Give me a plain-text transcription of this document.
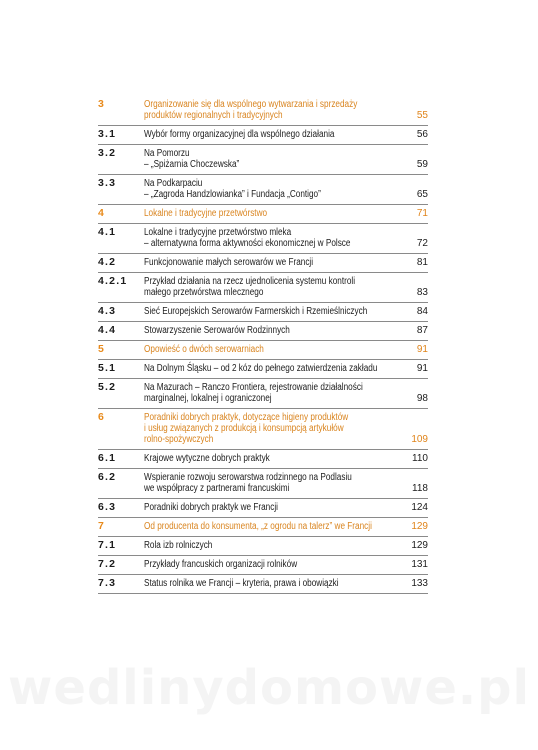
3	Organizowanie się dla wspólnego wytwarzania i sprzedaży
produktów regionalnych i tradycyjnych	55
3.1	Wybór formy organizacyjnej dla wspólnego działania	56
3.2	Na Pomorzu
– „Spiżarnia Choczewska”	59
3.3	Na Podkarpaciu
– „Zagroda Handzlowianka” i Fundacja „Contigo”	65
4	Lokalne i tradycyjne przetwórstwo	71
4.1	Lokalne i tradycyjne przetwórstwo mleka
– alternatywna forma aktywności ekonomicznej w Polsce	72
4.2	Funkcjonowanie małych serowarów we Francji	81
4.2.1	Przykład działania na rzecz ujednolicenia systemu kontroli
małego przetwórstwa mlecznego	83
4.3	Sieć Europejskich Serowarów Farmerskich i Rzemieślniczych	84
4.4	Stowarzyszenie Serowarów Rodzinnych	87
5	Opowieść o dwóch serowarniach	91
5.1	Na Dolnym Śląsku – od 2 kóz do pełnego zatwierdzenia zakładu	91
5.2	Na Mazurach – Ranczo Frontiera, rejestrowanie działalności
marginalnej, lokalnej i ograniczonej	98
6	Poradniki dobrych praktyk, dotyczące higieny produktów
i usług związanych z produkcją i konsumpcją artykułów
rolno-spożywczych	109
6.1	Krajowe wytyczne dobrych praktyk	110
6.2	Wspieranie rozwoju serowarstwa rodzinnego na Podlasiu
we współpracy z partnerami francuskimi	118
6.3	Poradniki dobrych praktyk we Francji	124
7	Od producenta do konsumenta, „z ogrodu na talerz” we Francji	129
7.1	Rola izb rolniczych	129
7.2	Przykłady francuskich organizacji rolników	131
7.3	Status rolnika we Francji – kryteria, prawa i obowiązki	133
wedlinydomowe.pl
